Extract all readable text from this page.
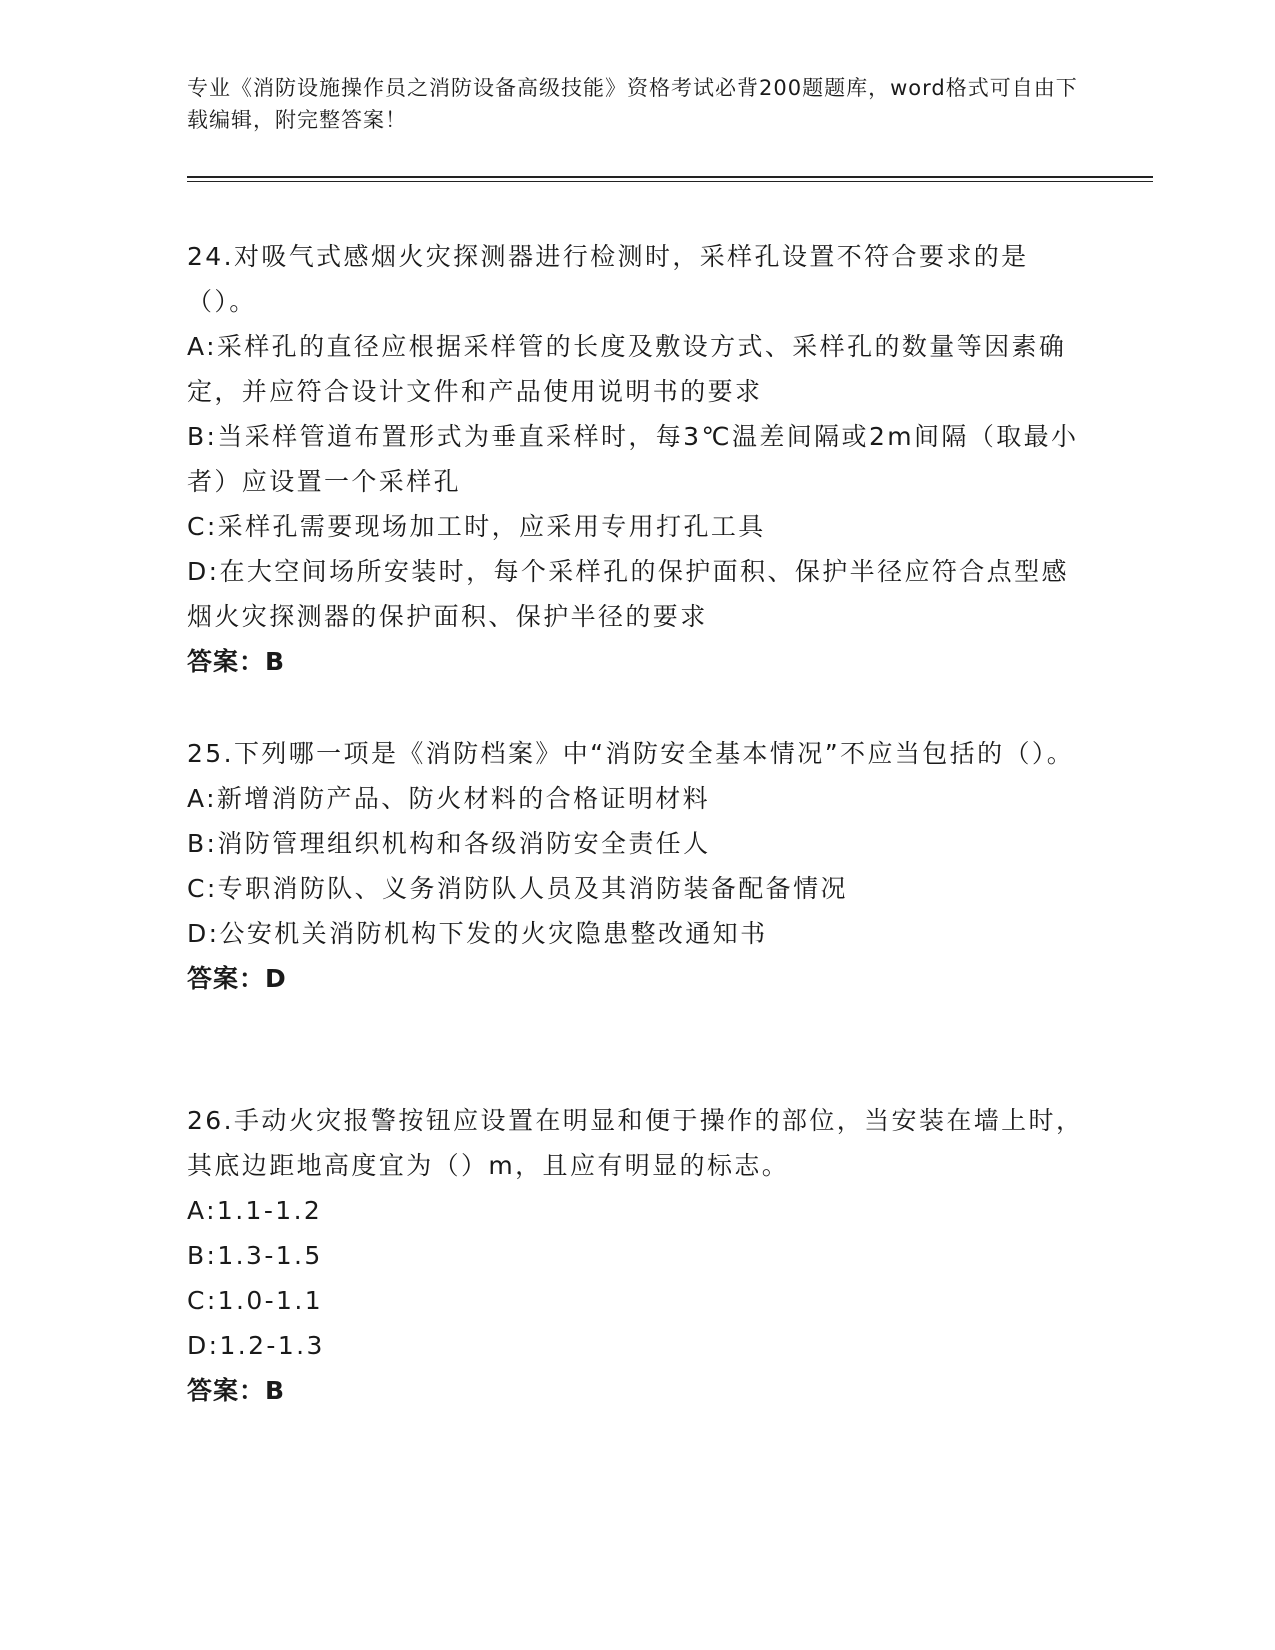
专业《消防设施操作员之消防设备高级技能》资格考试必背200题题库，word格式可自由下载编辑，附完整答案！

24.对吸气式感烟火灾探测器进行检测时，采样孔设置不符合要求的是（）。

A:采样孔的直径应根据采样管的长度及敷设方式、采样孔的数量等因素确定，并应符合设计文件和产品使用说明书的要求

B:当采样管道布置形式为垂直采样时，每3℃温差间隔或2m间隔（取最小者）应设置一个采样孔

C:采样孔需要现场加工时，应采用专用打孔工具

D:在大空间场所安装时，每个采样孔的保护面积、保护半径应符合点型感烟火灾探测器的保护面积、保护半径的要求

答案：B

25.下列哪一项是《消防档案》中“消防安全基本情况”不应当包括的（）。

A:新增消防产品、防火材料的合格证明材料

B:消防管理组织机构和各级消防安全责任人

C:专职消防队、义务消防队人员及其消防装备配备情况

D:公安机关消防机构下发的火灾隐患整改通知书

答案：D

26.手动火灾报警按钮应设置在明显和便于操作的部位，当安装在墙上时，其底边距地高度宜为（）m，且应有明显的标志。

A:1.1-1.2

B:1.3-1.5

C:1.0-1.1

D:1.2-1.3

答案：B
